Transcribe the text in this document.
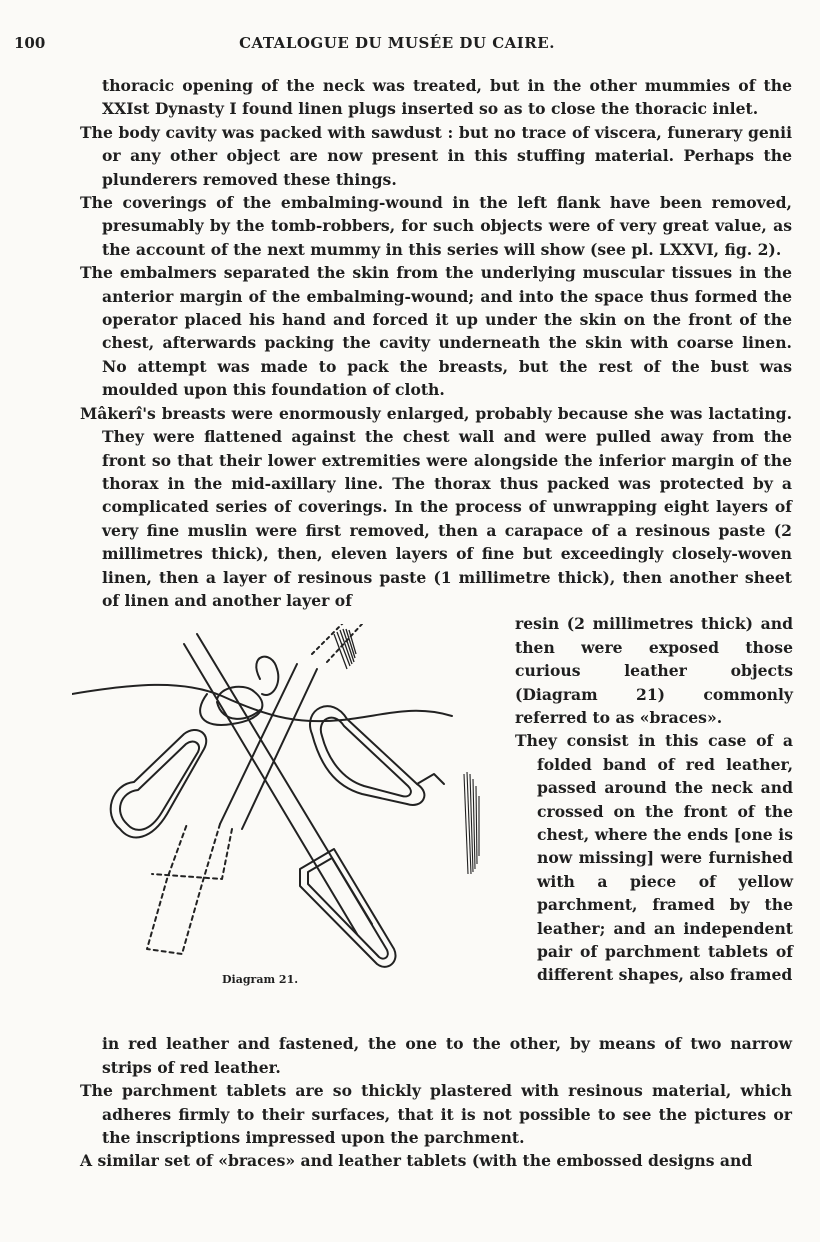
100	CATALOGUE DU MUSÉE DU CAIRE.

thoracic opening of the neck was treated, but in the other mummies of the XXIst Dynasty I found linen plugs inserted so as to close the thoracic inlet.

The body cavity was packed with sawdust : but no trace of viscera, funerary genii or any other object are now present in this stuffing material. Perhaps the plunderers removed these things.

The coverings of the embalming-wound in the left flank have been removed, presumably by the tomb-robbers, for such objects were of very great value, as the account of the next mummy in this series will show (see pl. LXXVI, fig. 2).

The embalmers separated the skin from the underlying muscular tissues in the anterior margin of the embalming-wound; and into the space thus formed the operator placed his hand and forced it up under the skin on the front of the chest, afterwards packing the cavity underneath the skin with coarse linen. No attempt was made to pack the breasts, but the rest of the bust was moulded upon this foundation of cloth.

Mâkerî's breasts were enormously enlarged, probably because she was lactating. They were flattened against the chest wall and were pulled away from the front so that their lower extremities were alongside the inferior margin of the thorax in the mid-axillary line. The thorax thus packed was protected by a complicated series of coverings. In the process of unwrapping eight layers of very fine muslin were first removed, then a carapace of a resinous paste (2 millimetres thick), then, eleven layers of fine but exceedingly closely-woven linen, then a layer of resinous paste (1 millimetre thick), then another sheet of linen and another layer of

Diagram 21.

resin (2 millimetres thick) and then were exposed those curious leather objects (Diagram 21) commonly referred to as «braces».

They consist in this case of a folded band of red leather, passed around the neck and crossed on the front of the chest, where the ends [one is now missing] were furnished with a piece of yellow parchment, framed by the leather; and an independent pair of parchment tablets of different shapes, also framed

in red leather and fastened, the one to the other, by means of two narrow strips of red leather.

The parchment tablets are so thickly plastered with resinous material, which adheres firmly to their surfaces, that it is not possible to see the pictures or the inscriptions impressed upon the parchment.

A similar set of «braces» and leather tablets (with the embossed designs and
